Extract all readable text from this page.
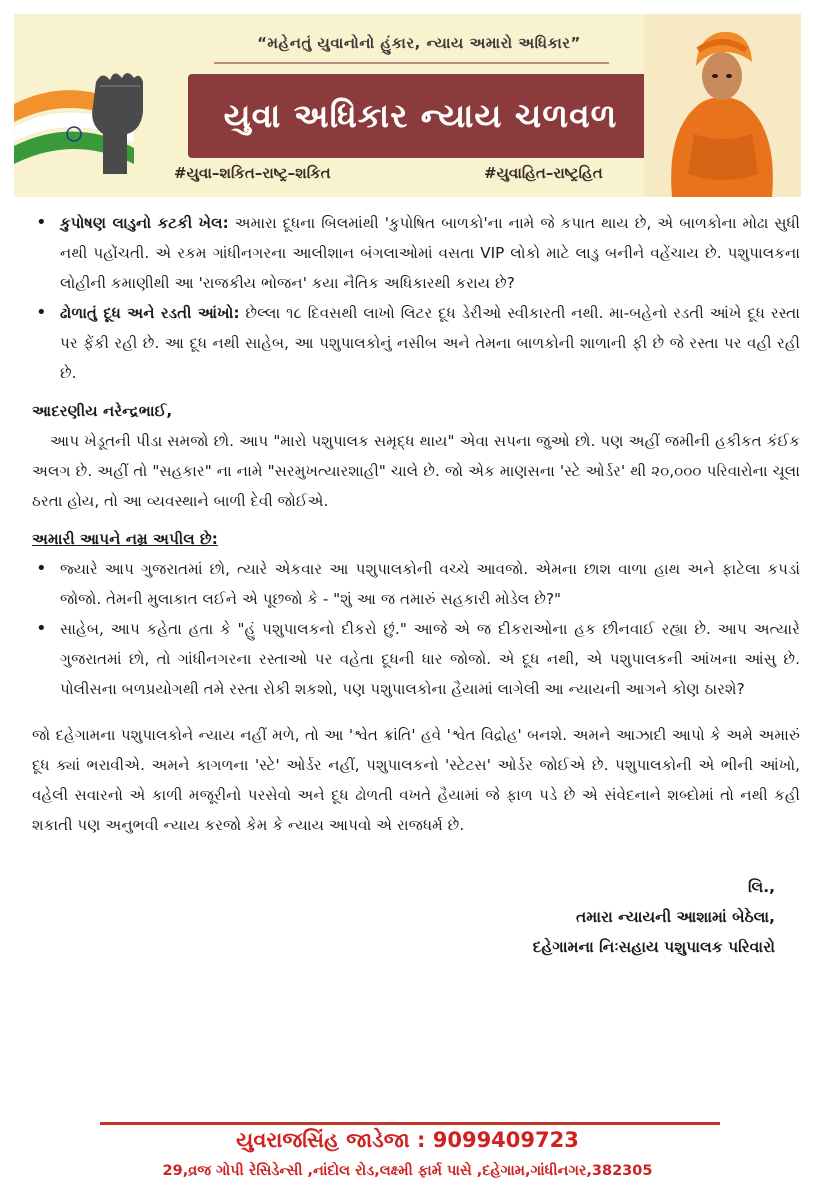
“મહેનતું યુવાનોનો હુંકાર, ન્યાય અમારો અધિકાર”
યુવા અધિકાર ન્યાય ચળવળ
#યુવા–શકિત–રાષ્ટ્ર–શકિત	#યુવાહિત–રાષ્ટ્રહિત
• કુપોષણ લાડુનો કટકી ખેલ: અમારા દૂધના બિલમાંથી 'કુપોષિત બાળકો'ના નામે જે કપાત થાય છે, એ બાળકોના મોઢા સુધી નથી પહોંચતી. એ રકમ ગાંધીનગરના આલીશાન બંગલાઓમાં વસતા VIP લોકો માટે લાડુ બનીને વહેંચાય છે. પશુપાલકના લોહીની કમાણીથી આ 'રાજકીય ભોજન' કયા નૈતિક અધિકારથી કરાય છે?
• ઢોળાતું દૂધ અને રડતી આંખો: છેલ્લા ૧૮ દિવસથી લાખો લિટર દૂધ ડેરીઓ સ્વીકારતી નથી. મા-બહેનો રડતી આંખે દૂધ રસ્તા પર ફેંકી રહી છે. આ દૂધ નથી સાહેબ, આ પશુપાલકોનું નસીબ અને તેમના બાળકોની શાળાની ફી છે જે રસ્તા પર વહી રહી છે.
આદરણીય નરેન્દ્રભાઈ,
આપ ખેડૂતની પીડા સમજો છો. આપ "મારો પશુપાલક સમૃદ્ધ થાય" એવા સપના જુઓ છો. પણ અહીં જમીની હકીકત કંઈક અલગ છે. અહીં તો "સહકાર" ના નામે "સરમુખત્યારશાહી" ચાલે છે. જો એક માણસના 'સ્ટે ઓર્ડર' થી ૨૦,૦૦૦ પરિવારોના ચૂલા ઠરતા હોય, તો આ વ્યવસ્થાને બાળી દેવી જોઈએ.
અમારી આપને નમ્ર અપીલ છે:
• જ્યારે આપ ગુજરાતમાં છો, ત્યારે એકવાર આ પશુપાલકોની વચ્ચે આવજો. એમના છાશ વાળા હાથ અને ફાટેલા કપડાં જોજો. તેમની મુલાકાત લઈને એ પૂછજો કે - "શું આ જ તમારું સહકારી મોડેલ છે?"
• સાહેબ, આપ કહેતા હતા કે "હું પશુપાલકનો દીકરો છું." આજે એ જ દીકરાઓના હક છીનવાઈ રહ્યા છે. આપ અત્યારે ગુજરાતમાં છો, તો ગાંધીનગરના રસ્તાઓ પર વહેતા દૂધની ધાર જોજો. એ દૂધ નથી, એ પશુપાલકની આંખના આંસુ છે. પોલીસના બળપ્રયોગથી તમે રસ્તા રોકી શકશો, પણ પશુપાલકોના હૈયામાં લાગેલી આ ન્યાયની આગને કોણ ઠારશે?
જો દહેગામના પશુપાલકોને ન્યાય નહીં મળે, તો આ 'શ્વેત ક્રાંતિ' હવે 'શ્વેત વિદ્રોહ' બનશે. અમને આઝાદી આપો કે અમે અમારું દૂધ ક્યાં ભરાવીએ. અમને કાગળના 'સ્ટે' ઓર્ડર નહીં, પશુપાલકનો 'સ્ટેટસ' ઓર્ડર જોઈએ છે. પશુપાલકોની એ ભીની આંખો, વહેલી સવારનો એ કાળી મજૂરીનો પરસેવો અને દૂધ ઢોળતી વખતે હૈયામાં જે ફાળ પડે છે એ સંવેદનાને શબ્દોમાં તો નથી કહી શકાતી પણ અનુભવી ન્યાય કરજો કેમ કે ન્યાય આપવો એ રાજધર્મ છે.
લિ.,
તમારા ન્યાયની આશામાં બેઠેલા,
દહેગામના નિઃસહાય પશુપાલક પરિવારો
યુવરાજસિંહ જાડેજા : 9099409723
29,વ્રજ ગોપી રેસિડેન્સી ,નાંદોલ રોડ,લક્ષ્મી ફાર્મ પાસે ,દહેગામ,ગાંધીનગર,382305
